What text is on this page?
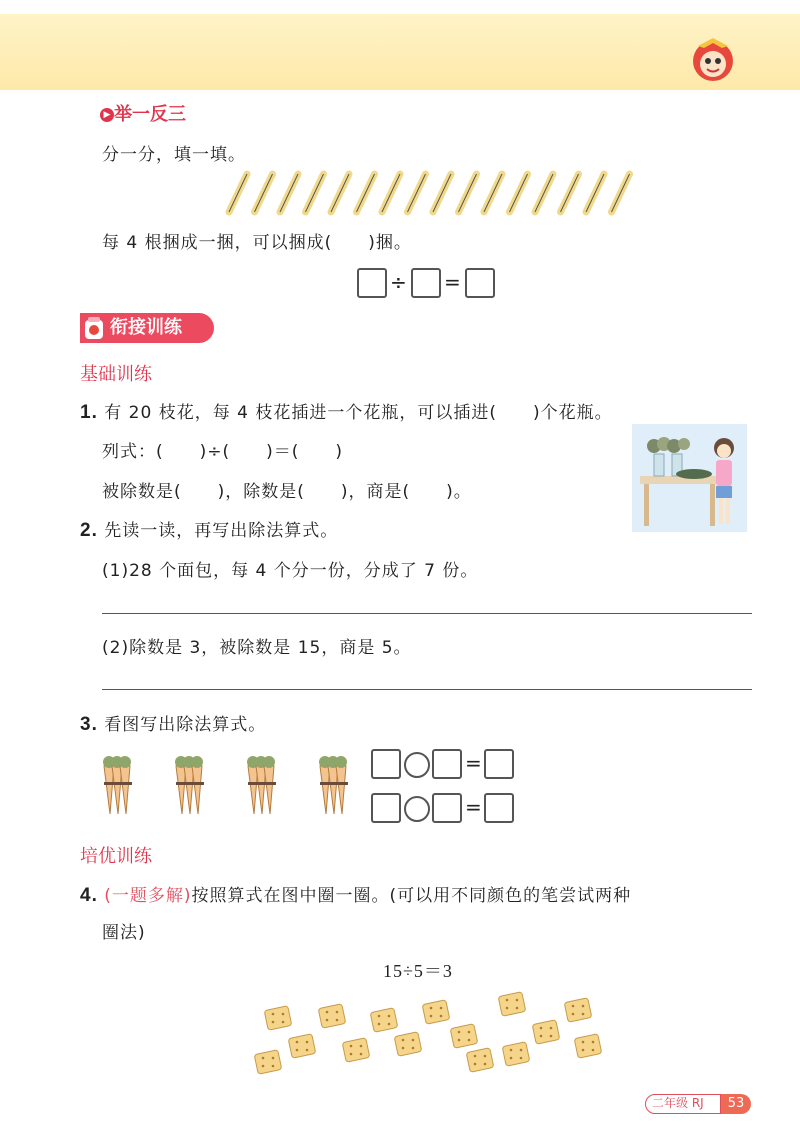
▶ 举一反三
分一分，填一填。
每 4 根捆成一捆，可以捆成(　　)捆。
÷ =
衔接训练
基础训练
1. 有 20 枝花，每 4 枝花插进一个花瓶，可以插进(　　)个花瓶。
列式：(　　)÷(　　)＝(　　)
被除数是(　　)，除数是(　　)，商是(　　)。
2. 先读一读，再写出除法算式。
(1)28 个面包，每 4 个分一份，分成了 7 份。
(2)除数是 3，被除数是 15，商是 5。
3. 看图写出除法算式。
=
=
培优训练
4. (一题多解)按照算式在图中圈一圈。(可以用不同颜色的笔尝试两种
圈法)
15÷5＝3
二年级 RJ	53
